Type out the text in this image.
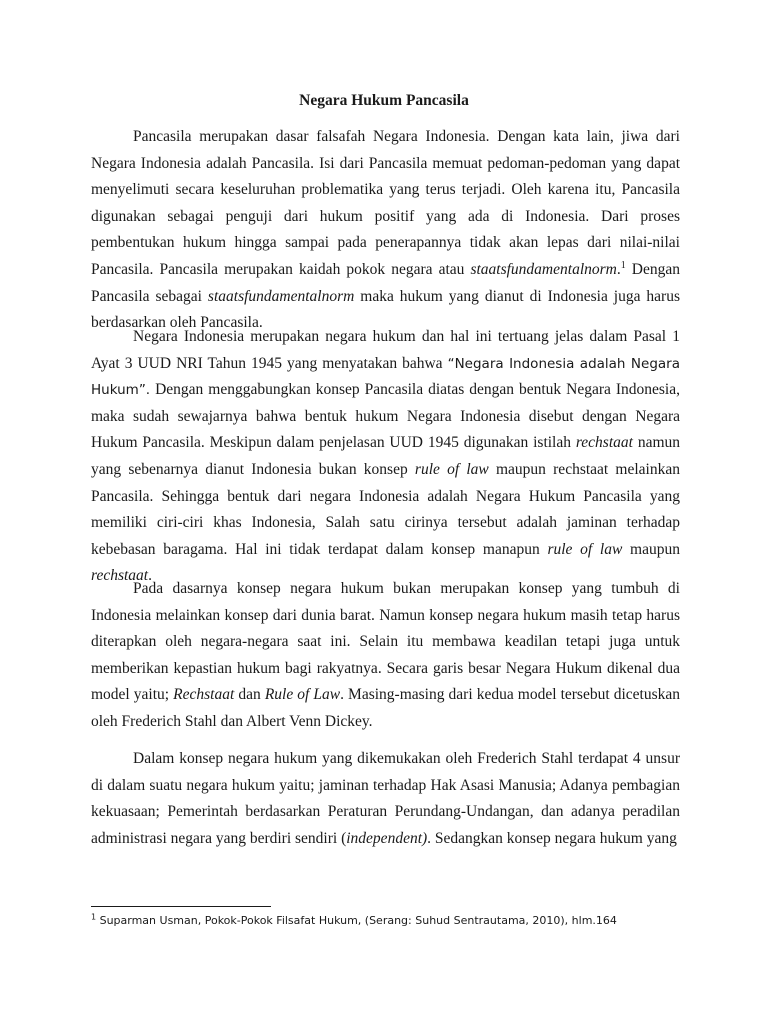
Negara Hukum Pancasila

Pancasila merupakan dasar falsafah Negara Indonesia. Dengan kata lain, jiwa dari Negara Indonesia adalah Pancasila. Isi dari Pancasila memuat pedoman-pedoman yang dapat menyelimuti secara keseluruhan problematika yang terus terjadi. Oleh karena itu, Pancasila digunakan sebagai penguji dari hukum positif yang ada di Indonesia. Dari proses pembentukan hukum hingga sampai pada penerapannya tidak akan lepas dari nilai-nilai Pancasila. Pancasila merupakan kaidah pokok negara atau staatsfundamentalnorm.$^1$ Dengan Pancasila sebagai staatsfundamentalnorm maka hukum yang dianut di Indonesia juga harus berdasarkan oleh Pancasila.

Negara Indonesia merupakan negara hukum dan hal ini tertuang jelas dalam Pasal 1 Ayat 3 UUD NRI Tahun 1945 yang menyatakan bahwa “Negara Indonesia adalah Negara Hukum”. Dengan menggabungkan konsep Pancasila diatas dengan bentuk Negara Indonesia, maka sudah sewajarnya bahwa bentuk hukum Negara Indonesia disebut dengan Negara Hukum Pancasila. Meskipun dalam penjelasan UUD 1945 digunakan istilah rechstaat namun yang sebenarnya dianut Indonesia bukan konsep rule of law maupun rechstaat melainkan Pancasila. Sehingga bentuk dari negara Indonesia adalah Negara Hukum Pancasila yang memiliki ciri-ciri khas Indonesia, Salah satu cirinya tersebut adalah jaminan terhadap kebebasan baragama. Hal ini tidak terdapat dalam konsep manapun rule of law maupun rechstaat.

Pada dasarnya konsep negara hukum bukan merupakan konsep yang tumbuh di Indonesia melainkan konsep dari dunia barat. Namun konsep negara hukum masih tetap harus diterapkan oleh negara-negara saat ini. Selain itu membawa keadilan tetapi juga untuk memberikan kepastian hukum bagi rakyatnya. Secara garis besar Negara Hukum dikenal dua model yaitu; Rechstaat dan Rule of Law. Masing-masing dari kedua model tersebut dicetuskan oleh Frederich Stahl dan Albert Venn Dickey.

Dalam konsep negara hukum yang dikemukakan oleh Frederich Stahl terdapat 4 unsur di dalam suatu negara hukum yaitu; jaminan terhadap Hak Asasi Manusia; Adanya pembagian kekuasaan; Pemerintah berdasarkan Peraturan Perundang-Undangan, dan adanya peradilan administrasi negara yang berdiri sendiri (independent). Sedangkan konsep negara hukum yang

$^1$ Suparman Usman, Pokok-Pokok Filsafat Hukum, (Serang: Suhud Sentrautama, 2010), hlm.164
